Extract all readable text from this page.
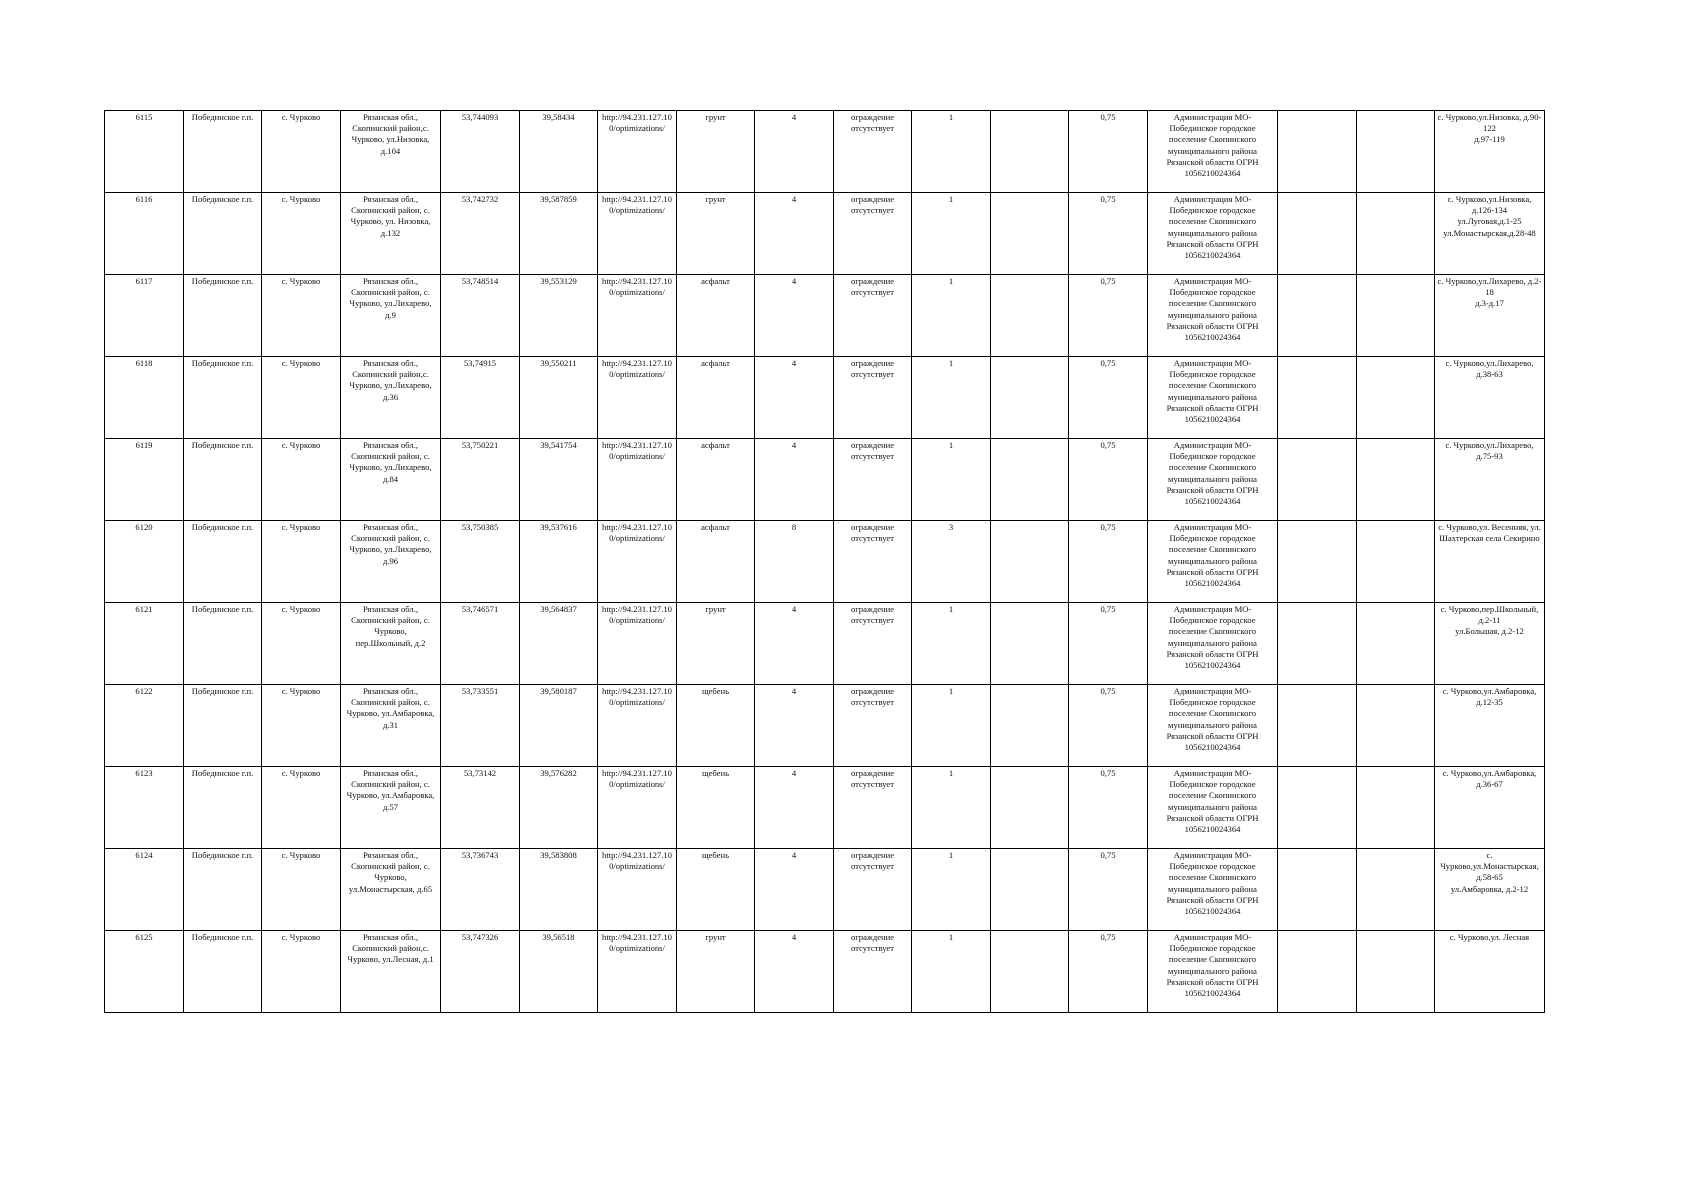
6115	Побединское г.п.	с. Чурково	Рязанская обл., Скопинский район,с. Чурково, ул.Низовка, д.104	53,744093	39,58434	http://94.231.127.10 0/optimizations/	грунт	4	ограждение отсутствует	1		0,75	Администрация МО-Побединское городское поселение Скопинского муниципального района Рязанской области ОГРН 1056210024364			с. Чурково,ул.Низовка, д.90-122
д.97-119

6116	Побединское г.п.	с. Чурково	Рязанская обл., Скопинский район, с. Чурково, ул. Низовка, д.132	53,742732	39,587859	http://94.231.127.10 0/optimizations/	грунт	4	ограждение отсутствует	1		0,75	Администрация МО-Побединское городское поселение Скопинского муниципального района Рязанской области ОГРН 1056210024364			с. Чурково,ул.Низовка, д.126-134
ул.Луговая,д.1-25
ул.Монастырская,д.28-48

6117	Побединское г.п.	с. Чурково	Рязанская обл., Скопинский район, с. Чурково, ул.Лихарево, д.9	53,748514	39,553129	http://94.231.127.10 0/optimizations/	асфальт	4	ограждение отсутствует	1		0,75	Администрация МО-Побединское городское поселение Скопинского муниципального района Рязанской области ОГРН 1056210024364			с. Чурково,ул.Лихарево, д.2-18
д.3-д.17

6118	Побединское г.п.	с. Чурково	Рязанская обл., Скопинский район,с. Чурково, ул.Лихарево, д.36	53,74915	39,550211	http://94.231.127.10 0/optimizations/	асфальт	4	ограждение отсутствует	1		0,75	Администрация МО-Побединское городское поселение Скопинского муниципального района Рязанской области ОГРН 1056210024364			с. Чурково,ул.Лихарево, д.38-63

6119	Побединское г.п.	с. Чурково	Рязанская обл., Скопинский район, с. Чурково, ул.Лихарево, д.84	53,750221	39,541754	http://94.231.127.10 0/optimizations/	асфальт	4	ограждение отсутствует	1		0,75	Администрация МО-Побединское городское поселение Скопинского муниципального района Рязанской области ОГРН 1056210024364			с. Чурково,ул.Лихарево, д.75-93

6120	Побединское г.п.	с. Чурково	Рязанская обл., Скопинский район, с. Чурково, ул.Лихарево, д.96	53,750385	39,537616	http://94.231.127.10 0/optimizations/	асфальт	8	ограждение отсутствует	3		0,75	Администрация МО-Побединское городское поселение Скопинского муниципального района Рязанской области ОГРН 1056210024364			с. Чурково,ул. Весенняя, ул. Шахтерская села Секирино

6121	Побединское г.п.	с. Чурково	Рязанская обл., Скопинский район, с. Чурково,
пер.Школьный, д.2	53,746571	39,564837	http://94.231.127.10 0/optimizations/	грунт	4	ограждение отсутствует	1		0,75	Администрация МО-Побединское городское поселение Скопинского муниципального района Рязанской области ОГРН 1056210024364			с. Чурково,пер.Школьный, д.2-11
ул.Большая, д.2-12

6122	Побединское г.п.	с. Чурково	Рязанская обл., Скопинский район, с. Чурково, ул.Амбаровка, д.31	53,733551	39,580187	http://94.231.127.10 0/optimizations/	щебень	4	ограждение отсутствует	1		0,75	Администрация МО-Побединское городское поселение Скопинского муниципального района Рязанской области ОГРН 1056210024364			с. Чурково,ул.Амбаровка, д.12-35

6123	Побединское г.п.	с. Чурково	Рязанская обл., Скопинский район, с. Чурково, ул.Амбаровка, д.57	53,73142	39,576282	http://94.231.127.10 0/optimizations/	щебень	4	ограждение отсутствует	1		0,75	Администрация МО-Побединское городское поселение Скопинского муниципального района Рязанской области ОГРН 1056210024364			с. Чурково,ул.Амбаровка, д.36-67

6124	Побединское г.п.	с. Чурково	Рязанская обл., Скопинский район, с. Чурково,
ул.Монастырская, д.65	53,736743	39,583808	http://94.231.127.10 0/optimizations/	щебень	4	ограждение отсутствует	1		0,75	Администрация МО-Побединское городское поселение Скопинского муниципального района Рязанской области ОГРН 1056210024364			с.
Чурково,ул.Монастырская, д.58-65
ул.Амбаровка, д.2-12

6125	Побединское г.п.	с. Чурково	Рязанская обл., Скопинский район,с. Чурково, ул.Лесная, д.1	53,747326	39,56518	http://94.231.127.10 0/optimizations/	грунт	4	ограждение отсутствует	1		0,75	Администрация МО-Побединское городское поселение Скопинского муниципального района Рязанской области ОГРН 1056210024364			с. Чурково,ул. Лесная
